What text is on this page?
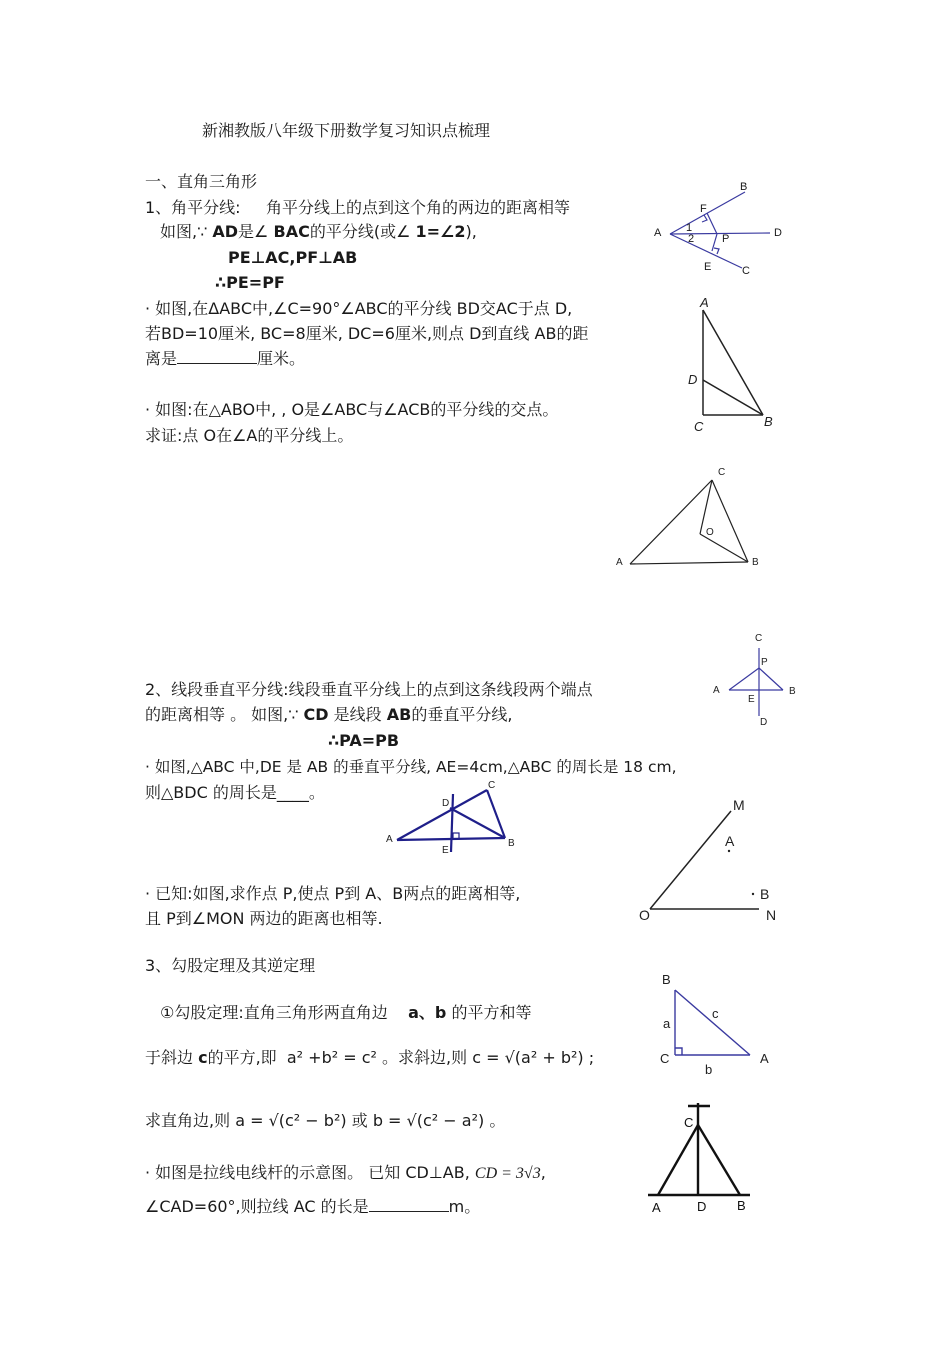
新湘教版八年级下册数学复习知识点梳理
一、直角三角形
1、角平分线: 角平分线上的点到这个角的两边的距离相等
如图,∵ AD是∠ BAC的平分线(或∠ 1=∠2),
PE⊥AC,PF⊥AB
∴PE=PF
· 如图,在ΔABC中,∠C=90°∠ABC的平分线 BD交AC于点 D,
若BD=10厘米, BC=8厘米, DC=6厘米,则点 D到直线 AB的距
离是	厘米。
· 如图:在△ABO中, , O是∠ABC与∠ACB的平分线的交点。
求证:点 O在∠A的平分线上。
2、线段垂直平分线:线段垂直平分线上的点到这条线段两个端点
的距离相等 。 如图,∵ CD 是线段 AB的垂直平分线,
∴PA=PB
· 如图,△ABC 中,DE 是 AB 的垂直平分线, AE=4cm,△ABC 的周长是 18 cm,
则△BDC 的周长是____。
· 已知:如图,求作点 P,使点 P到 A、B两点的距离相等,
且 P到∠MON 两边的距离也相等.
3、勾股定理及其逆定理
①勾股定理:直角三角形两直角边 a、b 的平方和等
于斜边 c的平方,即 a² +b² = c² 。求斜边,则 c = √(a² + b²) ;
求直角边,则 a = √(c² − b²) 或 b = √(c² − a²) 。
· 如图是拉线电线杆的示意图。 已知 CD⊥AB, CD = 3√3,
∠CAD=60°,则拉线 AC 的长是	m。
F
B
A 1
2	P	D
E	C
A
D
C	B
C
O
A	B
C
P
A	B
E
D
C
D
A
E
B
M
A
B
O	N
B
c
a
C	A
b
C
A	D B
